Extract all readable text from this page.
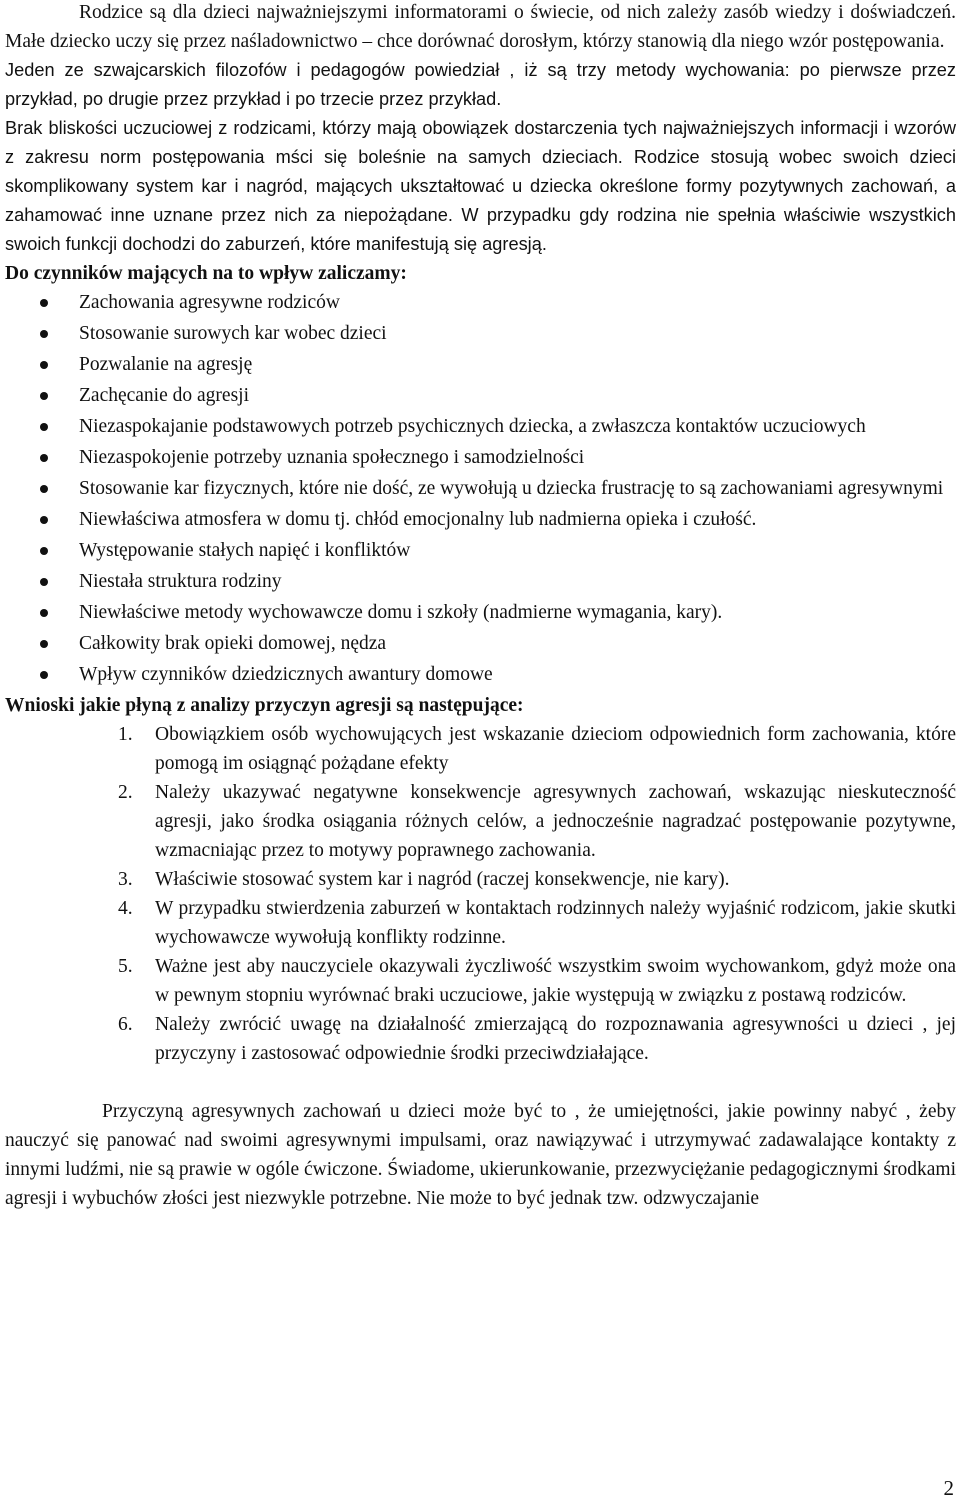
Rodzice są dla dzieci najważniejszymi informatorami o świecie, od nich zależy zasób wiedzy i doświadczeń. Małe dziecko uczy się przez naśladownictwo – chce dorównać dorosłym, którzy stanowią dla niego wzór postępowania.

Jeden ze szwajcarskich filozofów i pedagogów powiedział , iż są trzy metody wychowania: po pierwsze przez przykład, po drugie przez przykład i po trzecie przez przykład.

Brak bliskości uczuciowej z rodzicami, którzy mają obowiązek dostarczenia tych najważniejszych informacji i wzorów z zakresu norm postępowania mści się boleśnie na samych dzieciach. Rodzice stosują wobec swoich dzieci skomplikowany system kar i nagród, mających ukształtować u dziecka określone formy pozytywnych zachowań, a zahamować inne uznane przez nich za niepożądane. W przypadku gdy rodzina nie spełnia właściwie wszystkich swoich funkcji dochodzi do zaburzeń, które manifestują się agresją.

Do czynników mających na to wpływ zaliczamy:

Zachowania agresywne rodziców
Stosowanie surowych kar wobec dzieci
Pozwalanie na agresję
Zachęcanie do agresji
Niezaspokajanie podstawowych potrzeb psychicznych dziecka, a zwłaszcza kontaktów uczuciowych
Niezaspokojenie potrzeby uznania społecznego i samodzielności
Stosowanie kar fizycznych, które nie dość, ze wywołują u dziecka frustrację to są zachowaniami agresywnymi
Niewłaściwa atmosfera w domu tj. chłód emocjonalny lub nadmierna opieka i czułość.
Występowanie stałych napięć i konfliktów
Niestała struktura rodziny
Niewłaściwe metody wychowawcze domu i szkoły (nadmierne wymagania, kary).
Całkowity brak opieki domowej, nędza
Wpływ czynników dziedzicznych awantury domowe

Wnioski jakie płyną z analizy przyczyn agresji są następujące:

1. Obowiązkiem osób wychowujących jest wskazanie dzieciom odpowiednich form zachowania, które pomogą im osiągnąć pożądane efekty
2. Należy ukazywać negatywne konsekwencje agresywnych zachowań, wskazując nieskuteczność agresji, jako środka osiągania różnych celów, a jednocześnie nagradzać postępowanie pozytywne, wzmacniając przez to motywy poprawnego zachowania.
3. Właściwie stosować system kar i nagród (raczej konsekwencje, nie kary).
4. W przypadku stwierdzenia zaburzeń w kontaktach rodzinnych należy wyjaśnić rodzicom, jakie skutki wychowawcze wywołują konflikty rodzinne.
5. Ważne jest aby nauczyciele okazywali życzliwość wszystkim swoim wychowankom, gdyż może ona w pewnym stopniu wyrównać braki uczuciowe, jakie występują w związku z postawą rodziców.
6. Należy zwrócić uwagę na działalność zmierzającą do rozpoznawania agresywności u dzieci , jej przyczyny i zastosować odpowiednie środki przeciwdziałające.

Przyczyną agresywnych zachowań u dzieci może być to , że umiejętności, jakie powinny nabyć , żeby nauczyć się panować nad swoimi agresywnymi impulsami, oraz nawiązywać i utrzymywać zadawalające kontakty z innymi ludźmi, nie są prawie w ogóle ćwiczone. Świadome, ukierunkowanie, przezwyciężanie pedagogicznymi środkami agresji i wybuchów złości jest niezwykle potrzebne. Nie może to być jednak tzw. odzwyczajanie

2
